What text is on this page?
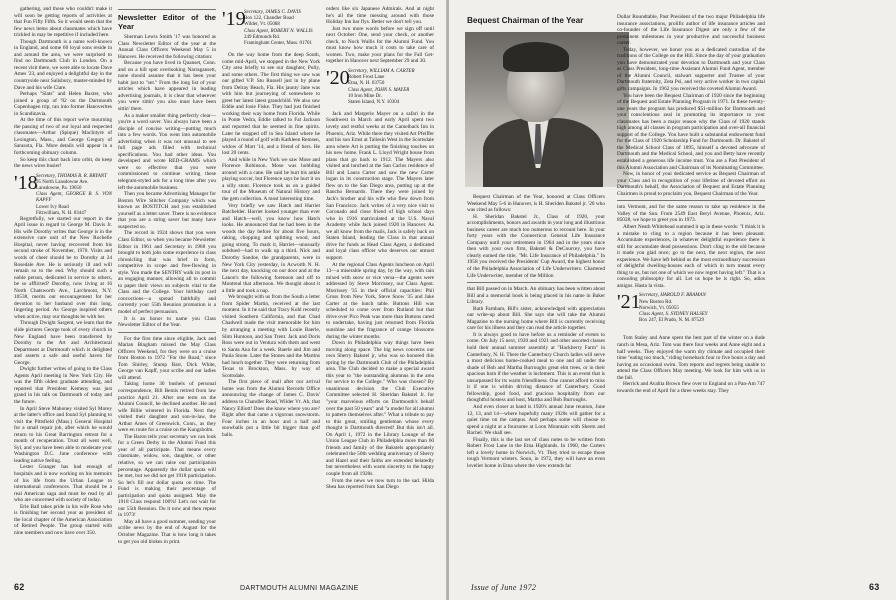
gathering, and those who couldn't make it will soon be getting reports of activities at that Fun Fifty Fifth. So it would seem that the few news items about classmates which have trickled in may be repetitive if included here.

Though Dartmouth is a name well-known in England, and some 60 loyal sons reside in and around the area, we were surprised to find no Dartmouth Club in London. On a recent visit there, we were able to locate Dave Ames '23, and enjoyed a delightful day in the countryside near Salisbury, master-minded by Dave and his wife Clare.

Perhaps "Slats" and Helen Baxter, who joined a group of '92 on the Dartmouth Copenhagen trip, ran into former Hanoverites in Scandinavia.

At the time of this report we're mourning the passing of two of our loyal and respected classmates—Arthur (Spique) MacIntyre of Lexington, Mass., and George Gregory of Sarasota, Fla. More details will appear in a forthcoming obituary column.

So keep this chart back into orbit, do keep the news wires busier!

'18
Secretary, THOMAS B. R. BRYANT
95 North Lansdowne Ave.
Lansdowne, Pa. 19050
Class Agent, GEORGE B. S. VON KAPFF
Lower Ivy Road
Fitzwilliam, N. H. 03447

Regretfully, we started our report in the April issue in regard to George M. Davis Jr. His wife Dorothy writes that George is in the extensive care unit of the New Rochelle Hospital, never having recovered from his second stroke of November, 1970. Visits and words of cheer should be to Dorothy at 24 Rosedale Ave. He is seriously ill and will remain so to the end. Why should such a noble person, dedicated in service to others, be so afflicted? Dorothy, now living at 16 North Chatsworth Ave., Larchmont, N.Y. 10538, merits our encouragement for her devotion to her husband over this long, lingering period. As George inspired others when active, may our thoughts be with her.

Through Dwight Sargent, we learn that the slide pictures George took of every church in New England have been transferred by Dorothy to the Art and Architectural Department at Dartmouth which is delighted and asserts a safe and useful haven for George.

Dwight further writes of going to the Class Agents April meeting in New York City. He was the fifth oldest graduate attending, and reported that President Kemeny was just grand in his talk on Dartmouth of today and the future.

In April Steve Mahoney visited Syl Morey at the latter's office and found Syl planning to visit the Pittsfield (Mass.) General Hospital for a small repair job, after which he would return to his Great Barrington retreat for a month of recuperation. Trust all went well, Syl, and you have been able to moderate your Washington D.C. June conference with leading native feeling.

Lester Granger has had enough of hospitals and is now working on his memoirs of his life from the Urban League to international conferences. That should be a real American saga and must be read by all who are concerned with society of today.

Erle Ball takes pride in his wife Rose who is finishing her second year as president of the local chapter of the American Association of Retired People. The group started with nine members and now have over 350.

Newsletter Editor of the Year

Sherman Lewis Smith '17 was honored as Class Newsletter Editor of the year at the Annual Class Officers Weekend May 5 in Hanover. He received the following citation:

Because you have lived in Quanset, Conn. and on a hill spot overlooking Narragansett, none should assume that it has been your habit just to "set." From the long list of your articles which have appeared in leading advertising journals, it is clear that wherever you were sittin' you also must have been sittin' there.

As a maker smaller thing perfectly clear—you're a word saver. You always have been a disciple of concise writing—putting much into a few words. You went into automobile advertising when it was not unusual to see full page ads filled with technical specifications. You had other ideas. You developed and wrote RED-GRAMS which were so effective that you were commissioned to continue writing these telegram-styled ads for a long time after you left the automobile business.

Then you became Advertising Manager for Boston Wire Stitcher Company which was known as BOSTITCH and you established yourself as a letter saver. There is no evidence that you are a string saver but many have suspected so.

The record in 1924 shows that you were Class Editor, so when you became Newsletter Editor in 1961 and Secretary in 1968 you brought to both jobs some experience in class chronicling that was brief in form, competitive in scope and free-flowing in style. You made the SENTRY walk its post in an engaging manner, allowing all to commit to paper their views on subjects vital to the Class and the College. Your birthday card concoctions—a spread faithfully and currently your 55th Reunion promotion is a model of perfect persuasion.

It is an honor to name you Class Newsletter Editor of the Year.

For the first time since eligible, Jack and Marian Bingham missed the May Class Officers Weekend, for they were on a cruise from Boston to 1972 "For the Road," since Tom Shirley, Stump Barr, Dick White, George van Kapff, your scribe and our ladies will attend.

Taking home 30 bushels of personal correspondence, Bill Bemis retired from law practice April 21. After one term on the Alumni Council, he declined another. He and wife Billie wintered in Florida. Next they visited their daughter and son-in-law, the Arthur Ames of Greenwich, Conn., as they were en route for a cruise on the Kungsholm.

The Baron tells your secretary we can look for a Green Derby in the Alumni Fund this year of all participate. That means every classmate, widow, son, daughter, or other relative, so we can raise our participation percentage. Apparently the dollar quota will be met, but we did not get 1918 participation. So let's fill our dollar quota on time. The Fund is making their percentage of participation and quota assigned. May the 1918 Class respond 100%! Let's not wait for our 55th Reunion. Do it now and then repeat in 1973!

May all have a good summer, sending your scribe news by the end of August for the October Magazine. That is how long it takes to get you old blokes in print.

'19
Secretary, JAMES C. DAVIS
Box 122, Chandler Road
Wilder, Vt. 05088
Class Agent, ROBERT N. WALLIS
249 Edmunds Rd.
Framingham Center, Mass. 01701

On the way home from the deep South, come mid-April, we stopped in the New York City area briefly to see our daughter, Polly, and some others. The first thing we saw was our gifted V.P. Stu Russell just in by plane from Delray Beach, Fla. His jaunty Jane was with him but journeying of somewhere to greet her latest latest grandchild. We also saw Eddie and Josie Fiske. They had just finished working their way home from Florida. While in Ponte Vedra, Eddie talked to Fat Jackson and reported that he seemed in fine spirits. Later he stopped off in Sea Island where he played a round of golf with Kathleen Remsen, widow of Mart '14, and a friend of hers. He lost 20 cents.

And while in New York we saw Mose and Florence Robinson. Mose was hobbling around with a cane. He said he hurt his ankle playing soccer, but Florence says he hurt it on a silly stunt. Florence took us on a guided tour of the Museum of Natural History and the gem collection. A most interesting time.

Very briefly we saw Hatch and Harriet Batchelder. Harriet looked younger than ever and Hatch—well, you know how Hatch looks. He announced that he had been in the woods the day before for about five hours, raking, chopping and splitting wood, and going strong. To mark it, Harriet—unusually subdued—had to walk up a third. Nick and Dorothy Sandoe, the grandparents, were in New York City yesterday, in Acworth N. H. the next day, knocking on our door and at the Lanon's the following forenoon and off to Montreal that afternoon. We thought about it a little and took a nap.

We brought with us from the South a letter from Spider Martin, received at the last moment. In it he said that Tracy Kohl recently visited Southern California, and that Chad Chadwell made the visit memorable for him by arranging a meeting with Louie Baerle, Slim Huntoon, and San Trent. Jack and Doris Ross were out in Ventura with them and went to Santa Ana for a week. Baerle and Jim and Paula Stone. Later the Stones and the Martins had lunch together. They were returning from Texas to Brockton, Mass. by way of Scottsdale.

The first piece of mail after our arrival home was from the Alumni Records Office announcing the change of James C. Davis' address to Chandler Road, Wilder Vt. Ah, that Nancy Elliott! Does she know where you are? Right after that came a vigorous snowstorm. Four inches in an hour and a half and snowballs put a little bit bigger than golf balls.

orders like six Japanese Admirals. And at night he's all the time messing around with those Holiday Inn bar flys. Better we don't tell you.

Just two more words before we sign off until next October: One, send your check, or another check, to Nock Wallis for the Alumni Fund. You must know how much it costs to take care of women. Two, make your plans for the Fall Get-together in Hanover next September 29 and 30.

'20
Secretary, WILLIAM A. CARTER
Robert Frost Lane
Etna, N. H. 03750
Class Agent, JOHN S. MAYER
10 Iron Mine Dr.
Staten Island, N.Y. 10304

Jack and Margerie Mayer on a safari in the Southwest in March and early April spent two lovely and restful weeks at the Camelback Inn in Phoenix, Ariz. While there they visited Art Pfeiffer and his son Ernst at Taliesin West in the Scottsdale area where Art is putting the finishing touches on his new home. Frank L. Lloyd Wright house from plans that go back to 1912. The Mayers also visited and lunched at the San Carlos residence of Bill and Laura Carter and saw the new Carter logan in its construction stage. The Mayers later flew on to the San Diego area, putting up at the Rancho Bernardo. There they were joined by Jack's brother and his wife who flew down from San Francisco. Jack writes of a very nice visit to Coronado and close friend of high school days who in 1916 matriculated at the U.S. Naval Academy while Jack joined 1920 in Hanover. As we all know from the mails, Jack is safely back on Staten Island, leading the Class in that annual drive for funds as Head Class Agent, a dedicated and loyal class officer who deserves our utmost support.

At the regional Class Agents luncheon on April 13—a miserable spring day, by the way, with rain mixed with snow or vice versa—the agents were addressed by Steve Morrissey, our Class Agent. Morrissey '35 in their official capacities: Phil Gross from New York, Steve Snow '35 and Jake Carter at the lunch table. Buttons Hill was scheduled to come over from Rutland but that drive over Pico Peak was more than Buttons cared to undertake, having just returned from Florida sunshine and the fragrance of orange blossoms during the winter months.

Down in Philadelphia way things have been moving along space. The big news concerns our own Sherry Bakstel jr, who was so honored this spring by the Dartmouth Club of the Philadelphia area. The Club decided to make a special award this year to "the outstanding alumnus in the area for service to the College." Who was chosen? By unanimous decision the Club Executive Committee selected H. Sheridan Bakstel Jr. for "your marvelous efforts on Dartmouth's behalf over the past 50 years" and "a model for all alumni to pattern themselves after." What a tribute to pay to this great, smiling gentleman whose every thought is Dartmouth directed! But this isn't all. On April 1, 1972 in the Library Lounge of the Union League Club in Philadelphia more than 60 friends and family of the Bakstels appropriately celebrated the 50th wedding anniversary of Sherry and Hazel and their faiths are extended belatedly but nevertheless with warm sincerity to the happy couple from all 1920s.

From the news we now turn to the sad. Hilda Shea has reported from San Diego

62	DARTMOUTH ALUMNI MAGAZINE
Bequest Chairman of the Year

Bequest Chairman of the Year, honored at Class Officers Weekend May 5-6 in Hanover, is H. Sheriden Bakstel jr. '20 who was cited as follows:

H. Sheridan Bakstel Jr., Class of 1920, your accomplishments, honors and awards in your long and illustrious business career are much too numerous to recount here. In your forty years with the Connecticut General Life Insurance Company until your retirement in 1964 and in the years since then with your own firm, Bakstel & DeCourcey, you have clearly earned the title, "Mr. Life Insurance of Philadelphia." In 1958 you received the Presidents' Cup Award, the highest honor of the Philadelphia Association of Life Underwriters. Chartered Life Underwriter, member of the Million

that Bill passed on in March. An obituary has been written about Bill and a memorial book is being placed in his name in Baker Library.

Ruth Farnham, Bill's sister, acknowledged with appreciation our write-up about Bill. She says she will take the Alumni Magazine to the nursing home where Bill is currently receiving care for his illness and they can read the article together.

It is always good to have before us a reminder of events to come. On July 15 next, 1920 and 1921 and other assorted classes hold their annual summer assembly at "Hackberry Farm" in Canterbury, N. H. There the Canterbury Church ladies will serve a most delicious home-cooked meal to one and all under the shade of Bob and Martha Burroughs great elm trees, or in their spacious barn if the weather is inclement. This is an event that is unsurpassed for its warm friendliness. One cannot afford to miss it if one is within driving distance of Canterbury. Good fellowship, good food, and gracious hospitality from our thoughtful hostess and host, Martha and Bob Burroughs.

And even closer at hand is 1920's annual June reunion, June 12, 13, and 14—where hopefully many 1920s will gather for a quiet time on the campus. And perhaps some will choose to spend a night at a foursome at Loon Mountain with Sherm and Rachel. We shall see.

Finally, this is the last set of class notes to be written from Robert Frost Lane in the Etna Highlands. In 1960, the Carters left a lovely home in Norwich, Vt. They tried to escape those tough Vermont winters. Soon, in 1972, they will have an even lovelier home in Etna where the view extends far

Dollar Roundtable, Past President of the two major Philadelphia life insurance associations, prolific author of life insurance articles and co-founder of the Life Insurance Digest are only a few of the prominent milestones in your productive and successful business career.

Today, however, we honor you as a dedicated custodian of the traditions of the College on the Hill. Since the day of your graduation you have demonstrated your devotion to Dartmouth and your Class as Class President, long-time Assistant Alumni Fund Agent, member of the Alumni Council, stalwart supporter and Trustee of your Dartmouth fraternity, Zeta Psi, and very active worker in two capital gifts campaigns. In 1962 you received the coveted Alumni Award.

You have been the Bequest Chairman of 1920 since the beginning of the Bequest and Estate Planning Program in 1971. In these twenty-one years the program has produced $51-million for Dartmouth and your conscientious zeal in promoting its importance to your classmates has been a major reason why the Class of 1920 stands high among all classes in program participation and over-all financial support of the College. You have built a substantial endowment fund for the Class of 1920 Scholarship Fund for Dartmouth. Dr. Bakstel of the Medical School Class of 1895, himself a devoted advocate of Dartmouth and the Medical School, and you and Betty have recently established a generous life income trust. You are a Past President of this Alumni Association and Chairman of its Nominating Committee.

Now, in honor of your dedicated service as Bequest Chairman of your Class and in recognition of your lifetime of devoted effort on Dartmouth's behalf, the Association of Bequest and Estate Planning Chairmen is proud to proclaim you, Bequest Chairman of the Year.

into Vermont, and for the same reason to take up residence in the Valley of the Sun. From 2549 East Beryl Avenue, Phoenix, Ariz. 85028, we hope to greet you in 1973.

Albert Neath Whitehead summed it up in these words: "I think it is a mistake to cling to a region because it has been pleasant. Accumulate experiences, in whatever delightful experience there is still for accumulate dead possessions. Don't cling to the old because it made you glad once; go to the next, the next region, the next experience. We have left behind us the most extraordinary succession of delightful dwelling-houses each of which in turn meant every thing to us, but not one of which we now regret having left." That is a consoling philosophy for all. Let us hope he is right. So, adios amigos. Hasta la vista.

'21
Secretary, HAROLD F. BRAMAN
New Boston Rd.
Norwich, Vt. 05055
Class Agent, S. SYDNEY HALSEY
Box 247, El Prado, N. M. 87529

Tom Staley and Anne spent the best part of the winter on a dude ranch in Mesa, Ariz. Tom was there four weeks and Anne eight and a half weeks. They enjoyed the warm dry climate and occupied their time "eating too much," riding horseback four to five hours a day and having an occasional swim. Tom reports and regrets being unable to attend the Class Officers May meeting. We look for him with us in the fall.

Herrick and Avalita Brown flew over to England on a Pan-Am 747 towards the end of April for a three weeks stay. They

Issue of June 1972	63
